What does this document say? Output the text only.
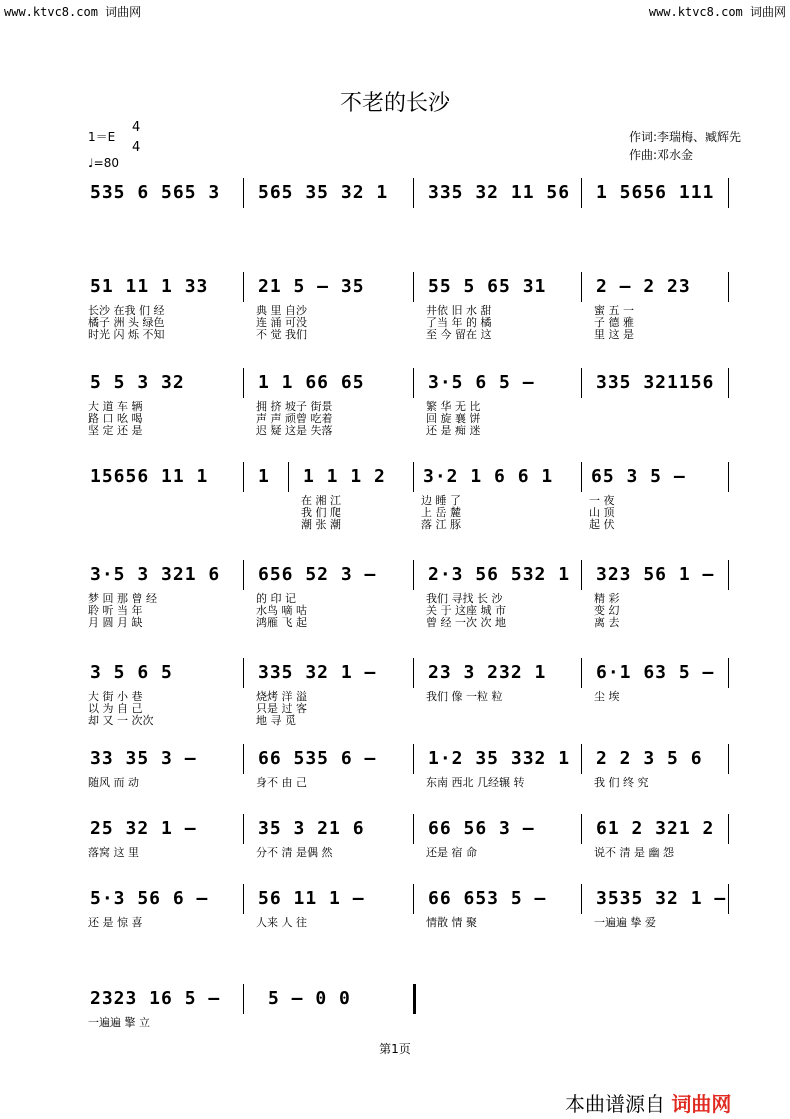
www.ktvc8.com 词曲网	www.ktvc8.com 词曲网
不老的长沙
1＝E
4
4
♩=80
作词:李瑞梅、臧辉先
作曲:邓水金
535 6 565 3 565 35 32 1 335 32 11 56 1 5656 111
51 11 1 33
长沙 在我 们 经
橘子 洲 头 绿色
时光 闪 烁 不知
21 5 – 35
典 里 自沙
连 涌 可没
不 觉 我们
55 5 65 31
井依 旧 水 甜
了当 年 的 橘
至 今 留在 这
2 – 2 23
蜜 五 一
子 德 雅
里 这 是
5 5 3 32
大 道 车 辆
路 口 吆 喝
坚 定 还 是
1 1 66 65
拥 挤 坡子 街景
声 声 顽曾 吃着
迟 疑 这是 失落
3·5 6 5 –
繁 华 无 比
回 旋 襄 饼
还 是 痴 迷
335 321156
15656 11 1	1 1 1 1 2
在 湘 江
我 们 爬
潮 张 潮
3·2 1 6 6 1
边 睡 了
上 岳 麓
落 江 豚
65 3 5 –
一 夜
山 顶
起 伏
3·5 3 321 6
梦 回 那 曾 经
聆 听 当 年
月 圆 月 缺
656 52 3 –
的 印 记
水鸟 嘀 咕
鸿雁 飞 起
2·3 56 532 1
我们 寻找 长 沙
关 于 这座 城 市
曾 经 一次 次 地
323 56 1 –
精 彩
变 幻
离 去
3 5 6 5
大 街 小 巷
以 为 自 己
却 又 一 次次
335 32 1 –
烧烤 洋 溢
只是 过 客
地 寻 觅
23 3 232 1
我们 像 一粒 粒
6·1 63 5 –
尘 埃
33 35 3 –
随风 而 动
66 535 6 –
身不 由 己
1·2 35 332 1
东南 西北 几经辗 转
2 2 3 5 6
我 们 终 究
25 32 1 –
落窝 这 里
35 3 21 6
分不 清 是偶 然
66 56 3 –
还是 宿 命
61 2 321 2
说不 清 是 幽 怨
5·3 56 6 –
还 是 惊 喜
56 11 1 –
人来 人 往
66 653 5 –
情散 情 聚
3535 32 1 –
一遍遍 挚 爱
2323 16 5 –
一遍遍 擎 立
5 – 0 0
第1页
本曲谱源自 词曲网
